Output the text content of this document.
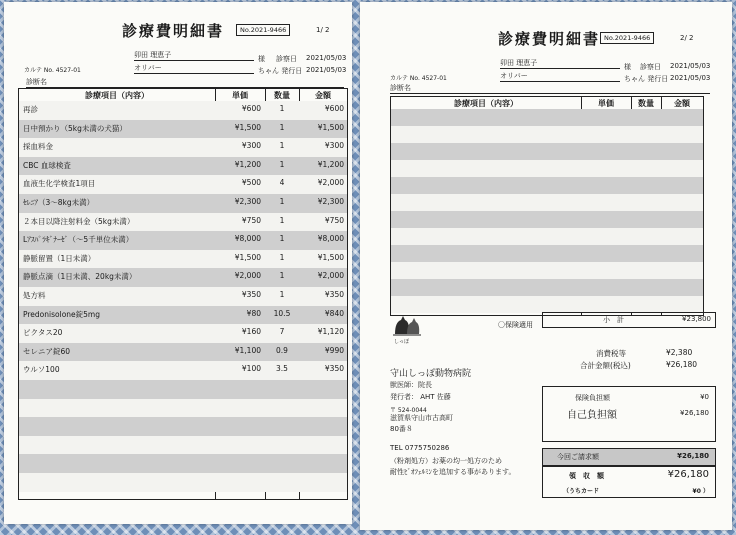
診療費明細書	No.2021-9466	1/ 2
卯田 理恵子	様 診察日 2021/05/03
カルテ No. 4527-01	オリバー	ちゃん 発行日 2021/05/03
診断名
診療項目（内容）	単価	数量	金額
再診	¥600	1	¥600
日中預かり（5kg未満の犬猫）	¥1,500	1	¥1,500
採血料金	¥300	1	¥300
CBC 血球検査	¥1,200	1	¥1,200
血液生化学検査1項目	¥500	4	¥2,000
ｾﾚﾆｱ（3～8kg未満）	¥2,300	1	¥2,300
２本目以降注射料金（5kg未満）	¥750	1	¥750
Lｱｽﾊﾟﾗｷﾞﾅｰｾﾞ（～5千単位未満）	¥8,000	1	¥8,000
静脈留置（1日未満）	¥1,500	1	¥1,500
静脈点滴（1日未満、20kg未満）	¥2,000	1	¥2,000
処方料	¥350	1	¥350
Predonisolone錠5mg	¥80	10.5	¥840
ビクタス20	¥160	7	¥1,120
セレニア錠60	¥1,100	0.9	¥990
ウルソ100	¥100	3.5	¥350
診療費明細書 No.2021-9466	2/ 2
卯田 理恵子	様 診察日 2021/05/03
カルテ No. 4527-01	オリバー	ちゃん 発行日 2021/05/03
診断名
診療項目（内容）	単価	数量	金額
しっぽ
〇保険適用
小　計	¥23,800
消費税等	¥2,380
合計金額(税込)	¥26,180
保険負担額	¥0
自己負担額	¥26,180
今回ご請求額	¥26,180
領　収　額	¥26,180
（うちカード	¥0 ）
守山しっぽ動物病院
獣医師：院長
発行者： AHT 佐藤
〒 524-0044
滋賀県守山市古高町
80番８
TEL 0775750286
（粉剤処方）お薬の均一処方のため
耐性ﾋﾞｵﾌｪﾙﾐﾝを追加する事があります。
